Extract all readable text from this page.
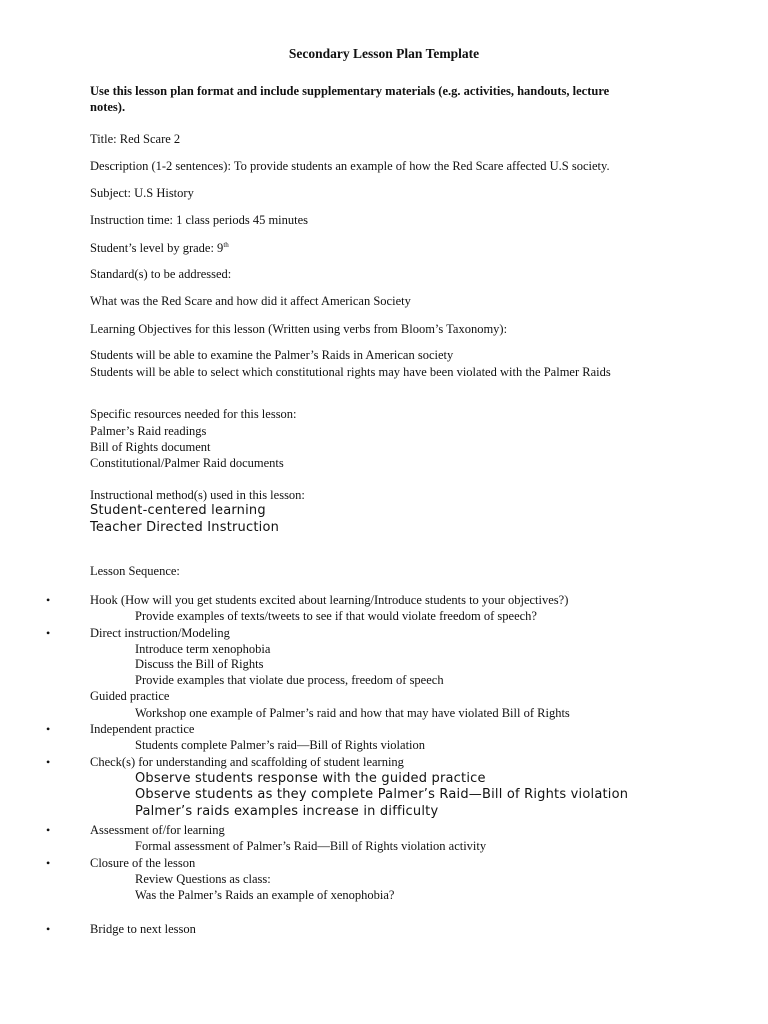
Secondary Lesson Plan Template
Use this lesson plan format and include supplementary materials (e.g. activities, handouts, lecture
notes).
Title: Red Scare 2
Description (1-2 sentences): To provide students an example of how the Red Scare affected U.S society.
Subject: U.S History
Instruction time: 1 class periods 45 minutes
Student’s level by grade: 9th
Standard(s) to be addressed:
What was the Red Scare and how did it affect American Society
Learning Objectives for this lesson (Written using verbs from Bloom’s Taxonomy):
Students will be able to examine the Palmer’s Raids in American society
Students will be able to select which constitutional rights may have been violated with the Palmer Raids
Specific resources needed for this lesson:
Palmer’s Raid readings
Bill of Rights document
Constitutional/Palmer Raid documents
Instructional method(s) used in this lesson:
Student-centered learning
Teacher Directed Instruction
Lesson Sequence:
•	Hook (How will you get students excited about learning/Introduce students to your objectives?)
Provide examples of texts/tweets to see if that would violate freedom of speech?
•	Direct instruction/Modeling
Introduce term xenophobia
Discuss the Bill of Rights
Provide examples that violate due process, freedom of speech
Guided practice
Workshop one example of Palmer’s raid and how that may have violated Bill of Rights
•	Independent practice
Students complete Palmer’s raid—Bill of Rights violation
•	Check(s) for understanding and scaffolding of student learning
Observe students response with the guided practice
Observe students as they complete Palmer’s Raid—Bill of Rights violation
Palmer’s raids examples increase in difficulty
•	Assessment of/for learning
Formal assessment of Palmer’s Raid—Bill of Rights violation activity
•	Closure of the lesson
Review Questions as class:
Was the Palmer’s Raids an example of xenophobia?
•	Bridge to next lesson
